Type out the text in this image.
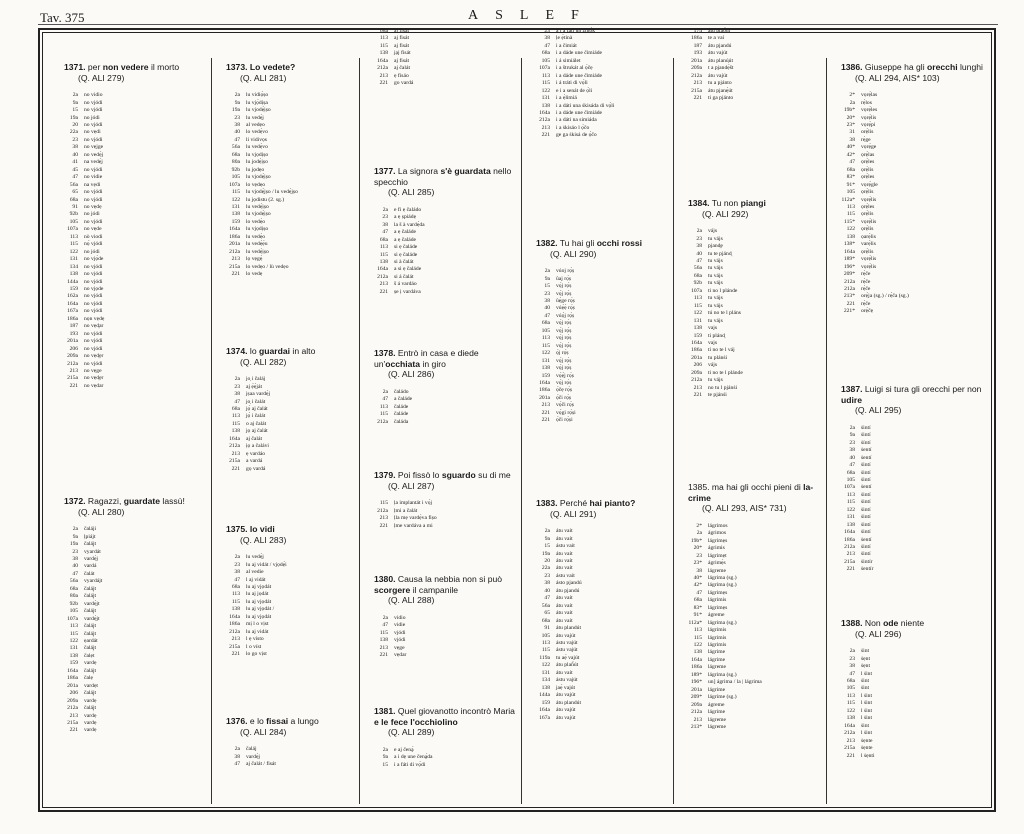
Tav. 375	ASLEF
1371. per non vedere il morto
(Q. ALI 279)
2a	no vidio
9a	no vjódi
15	no vjódi
19a	no jódi
20	no vjódi
22a	no vẹdi
23	no vjódi
38	no vẹjge
40	no vedẹ̀j
41	na vedẹ̀j
45	no vjódi
47	no vidie
56a	na vẹdi
65	no vjódi
68a	no vjódi
91	no vẹdẹ
92b	no jódi
105	no vjódi
107a	no vẹde
113	nò viodi
115	nọ̀ vjódi
122	no jódi
131	no vjọ̀de
134	no vjódi
138	no vjódi
144a	no vjódi
159	no vjọde
162a	no vjódi
164a	no vjódi
167a	no vjódi
186a	nọn vẹdẹ
187	no vẹd̯ar
193	no vjódi
201a	no vjódi
206	no vjódi
209a	no vẹd̯ẹr
212a	no vjódi
213	no vẹge
215a	no vẹd̯ẹr
221	no vẹdar
1372. Ragazzi, guardate lassù!
(Q. ALI 280)
2a	čaláji
9a	ḷpiájt
19a	čaláj̣t
23	vyardát
38	vardẹ̀j
40	vardá
47	čalát
56a	vyardájt
68a	čaláj̣t
80a	čaláj̣t
92b	vardẹ̀jt
105	čaláj̣t
107a	vardẹ̀jt
113	čaláj̣t
115	čaláj̣t
122	ẹardát
131	čaláj̣t
138	čalẹt
159	vardẹ
164a	čaláj̣t
186a	čalẹ
201a	vardẹt
206	čaláj̣t
209a	vardẹ
212a	čaláj̣t
213	vardẹ
215a	vardẹ
221	vardẹ
1373. Lo vedete?
(Q. ALI 281)
2a	lu vidiọ̀ṣo
9a	lu vjọ̀dịṣa
19a	lu vjodẹ̀ịṣo
23	lu vedẹ̀j
38	al vedẹo
40	lo vedẹ̀vo
47	li vidivọs
56a	lu vedẹ̀vo
68a	lu vjọdịṣo
80a	lu jodẹ̀ịṣo
92b	lu jọdẹo
105	lu vjodẹ̀ịṣo
107a	lo vẹdẹo
115	lu vjodẹ̀jṣo / lu vedẹ̀jṣo
122	lu jọdistu (2. sg.)
131	lu vedẹ̀ịṣo
138	lu vjodẹ̀ịṣo
159	lo vedẹ̀o
164a	lu vjọdịṣo
186a	lu vedẹ̀o
201a	lu vedẹ̀ẹ̀u
212a	lu vedẹ̀ịṣo
213	lọ vẹgẹ̀
215a	lo vedẹo / lù vedẹo
221	lo vedẹ
1374. lo guardai in alto
(Q. ALI 282)
2a	jo̦ i čaláj
23	aj ẹ̀ẹ̀ját
38	jṣaa vardẹ̀j
47	jo̦ i čalát
68a	jọ̀ aj čalát
113	jọ̀ i čalát
115	o aj čalát
138	jọ aj čalát
164a	aj čalát
212a	ịọ a čalávi
213	ẹ vardáo
215a	a vardá
221	gọ vardá
1375. lo vidi
(Q. ALI 283)
2a	lu vedẹ̀j
23	lu aj vidát / vjọdẹ̀i
38	al vedie
47	l aj vidát
68a	lu aj vjọdát
113	lu aj jọdát
115	lu aj vjọdát
138	lu ạj vjọdát /
164a	lu aj vjọdát
186a	mị l o vịst
212a	lu aj vidát
213	l ẹ vísto
215a	l o víst
221	lo go vịst
1376. e lo fissai a lungo
(Q. ALI 284)
2a	čaláj
38	vardẹ̀j
47	aj čalát / fisát
68a	aj fisát
113	aj fisát
115	aj fisát
138	jạj fisát
164a	aj fisát
212a	aj čalát
213	ẹ fisáo
221	go vardá
1377. La signora s'è guardata nello specchio
(Q. ALI 285)
2a	e fi ẹ čaládo
23	a ẹ ṣpiádẹ
38	la š à vardẹ̀da
47	a ẹ čaláde
68a	a ẹ čaláde
113	si ẹ čaláde
115	si ẹ čaláde
138	si à čalát
164a	a si ẹ čaláde
212a	si á čalát
213	š á vardáo
221	ṣe ị vardáva
1378. Entrò in casa e diede un'occhiata in giro
(Q. ALI 286)
2a	čaládo
47	a čaláde
113	čaláde
115	čaláde
212a	čaláda
1379. Poi fissò lo sguardo su di me
(Q. ALI 287)
115	ḷa implantát i vọ̀j
212a	ḷmi a čalát
213	ḷla mẹ vardẹ̀va fiṣo
221	ḷme vardáva a mi
1380. Causa la nebbia non si può scorgere il campanile
(Q. ALI 288)
2a	vidio
47	vidie
115	vjódi
138	vjódi
213	vẹge
221	vẹdar
1381. Quel giovanotto incontrò Maria e le fece l'occhiolino
(Q. ALI 289)
2a	e aj čenḁ́
9a	a i dẹ une čenḁ́da
15	i a fáti di vọ̀di
23	a i a fáti un zịnọ̀k
38	ḷe ẹ̀tinà
47	i a čimiát
68a	i a dáde une čimiáde
105	i á simiálet
107a	i a štrukát al ọ̀čẹ
113	i a dáde une čimiáde
115	i á tráti di vọ̀li
122	e i a senát de ọ̀li
131	i a ẹ̀limiá
138	i a dáti una ṡkisáda di vọ̀li
164a	i a dáde une čimiáde
212a	i a dáti na simiáda
213	i a ṡkisáo l ọ̀čo
221	ge ga ṡkisá de ọ̀čo
1382. Tu hai gli occhi rossi
(Q. ALI 290)
2a	vúoj rọ́ṣ
9a	ûaj rọ́ṣ
15	vọ̀j rọ́ṣ
23	vọ̀j rọ́ṣ
38	ûẹ̀ge rọ́ṣ
40	vúẹ̀ẹ̀ rọ́ṣ
47	vúọ̀j rọ́ṣ
68a	vọ̀j rọ́ṣ
105	vọ̀j rọ́ṣ
113	vọ̀j rọ́ṣ
115	vọ̀j rọ́ṣ
122	ọ̀j rọ́ṣ
131	vọ̀j rọ́ṣ
138	vọ̀j rọ́ṣ
159	vọ̀ẹ̀j rọ́ṣ
164a	vọ̀j rọ́ṣ
186a	ọ̀čẹ rọ́ṣ
201a	ọ̀či rọ́ṣ
213	vọ̀či rọ́ṣ
221	vọ̀gi rọ́ṣi
221	ọ̀či rọ́ṣi
1383. Perché hai pianto?
(Q. ALI 291)
2a	átu vaít
9a	átu vaít
15	ástu vaít
19a	átu vaít
20	átu vaít
22a	átu vaít
23	ástu vaít
38	ásto pjandú
40	átu pjandú
47	átu vaít
56a	átu vaít
65	átu vaít
68a	átu vaít
91	átu plandút
105	átu vajút
113	ástu vajút
115	ástu vajút
119a	tu aẹ̀ vajút
122	átu plañ̀út
131	átu vaít
134	ástu vajút
138	jaẹ̀ vajút
144a	átu vajút
159	átu plandút
164a	átu vajút
167a	átu vajút
174	átu plaọ̀út
186a	te a vaí
187	átu pjandú
193	átu vajút
201a	átu planú̦út
209a	t a pjandẹ̀št
212a	átu vajút
213	tu a pjánto
215a	átu pjanẹ̀út
221	ti ga pjánto
1384. Tu non piangi
(Q. ALI 292)
2a	vájs
23	tu vájs
38	pjand̯ẹ
40	tu te pjánd̯
47	tu vájs
56a	tu vájs
68a	tu vájs
92b	tu vájs
107a	ti no l plánde
113	tu vájs
115	tu vájs
122	tú no te l pláns
131	tu vájs
138	vajs
159	ti plánd̯
164a	vajs
186a	ti no te l váj
201a	tu plánṡi
206	vájs
209a	ti no te l plánde
212a	tu vájs
213	no tu l pjánṡi
221	te pjánṡi
1385. ma hai gli occhi pieni di la-crime
(Q. ALI 293, AIS* 731)
2*	lágrimos
2a	ágrimos
19b*	lágrimẹs
20*	ágrimis
23	lágrimẹt
23*	ágrimẹ̀s
38	lágreme
40*	lágrima (sg.)
42*	lágrima (sg.)
47	lágrimẹs
68a	lágrimis
83*	lágrimẹs
91*	ágreme
112a*	lágrima (sg.)
113	lágrimis
115	lágrimis
122	lágrimis
138	lágrime
164a	lágrime
186a	lágreme
189*	lágrima (sg.)
196*	un] ágrima / la | lágrima
201a	lágrime
209*	lágrime (sg.)
209a	ágreme
212a	lágrime
213	lágreme
213*	lágreme
1386. Giuseppe ha gli orecchi lunghi
(Q. ALI 294, AIS* 103)
2*	vọrẹ̀las
2a	rẹ̀los
19b*	vọrẹ̀les
20*	vọrẹ̀lis
23*	vọrẹ̀pi
31	orẹ̀lis
38	rẹ̀ge
40*	vọrẹ̀ge
42*	ọrẹ̀las
47	ọrẹ̀les
68a	ọrẹ̀lis
83*	ọrẹ̀les
91*	vọrẹ̀gle
105	ọrẹ̀lis
112a*	vọrẹ̀lis
113	ọrẹ̀les
115	ọrẹ̀lis
115*	vọrẹ̀lis
122	ọrẹ̀lis
138	ọarẹ̀lis
138*	varẹ̀lis
164a	ọrẹ̀lis
189*	vọrẹ̀lis
196*	vọrẹ̀lis
209*	rẹ̀če
212a	rẹ̀če
212a	rẹ̀če
213*	orẹ̀ja (sg.) / rẹ̀ča (sg.)
221	rẹ̀če
221*	orẹ̀čẹ
1387. Luigi si tura gli orecchi per non udire
(Q. ALI 295)
2a	ṡintí
9a	ṡintí
23	ṡíntí
38	ṡentí
40	ṡentí
47	ṡintí
68a	ṡintí
105	ṡintí
107a	ṡentí
113	ṡintí
115	ṡintí
122	ṡintí
131	ṡintí
138	ṡintí
164a	ṡintí
186a	ṡentí
212a	ṡintí
213	ṡintí
215a	ṡintír
221	ṡentír
1388. Non ode niente
(Q. ALI 296)
2a	ṡint
23	ṡẹnt
38	ṡẹnt
47	l ṡint
68a	ṡint
105	ṡint
113	l ṡint
115	l ṡint
122	l ṡint
138	l ṡint
164a	ṡint
212a	l ṡint
213	ṡẹnte
215a	ṡẹnte
221	l ṡẹnti
